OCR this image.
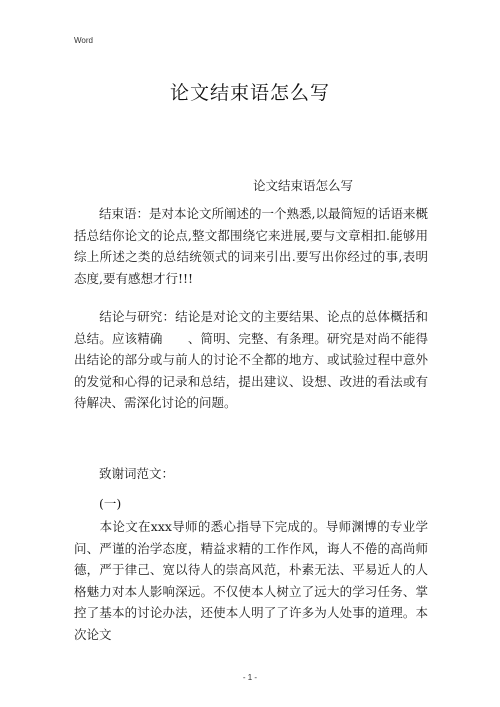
Word
论文结束语怎么写
论文结束语怎么写
　　结束语：是对本论文所阐述的一个熟悉,以最简短的话语来概括总结你论文的论点,整文都围绕它来进展,要与文章相扣.能够用综上所述之类的总结统领式的词来引出.要写出你经过的事,表明态度,要有感想才行!!!
　　结论与研究：结论是对论文的主要结果、论点的总体概括和总结。应该精确　　、简明、完整、有条理。研究是对尚不能得出结论的部分或与前人的讨论不全都的地方、或试验过程中意外的发觉和心得的记录和总结，提出建议、设想、改进的看法或有待解决、需深化讨论的问题。
　　致谢词范文：
　　(一)
　　本论文在xxx导师的悉心指导下完成的。导师渊博的专业学问、严谨的治学态度，精益求精的工作作风，诲人不倦的高尚师德，严于律己、宽以待人的崇高风范，朴素无法、平易近人的人格魅力对本人影响深远。不仅使本人树立了远大的学习任务、掌控了基本的讨论办法，还使本人明了了许多为人处事的道理。本次论文
- 1 -
